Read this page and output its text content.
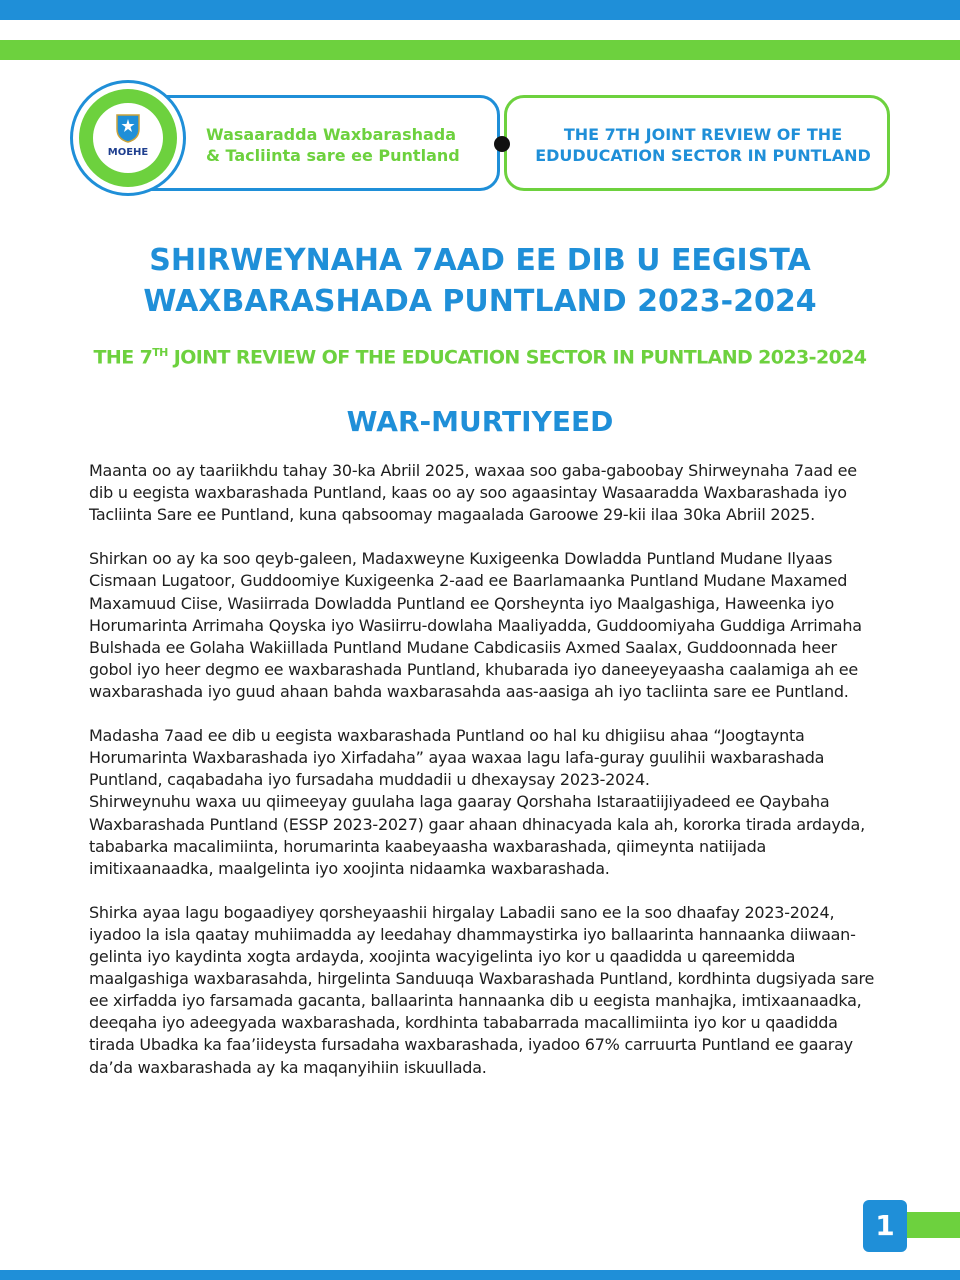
Wasaaradda Waxbarashada
& Tacliinta sare ee Puntland
MOEHE
THE 7TH JOINT REVIEW OF THE
EDUDUCATION SECTOR IN PUNTLAND
SHIRWEYNAHA 7AAD EE DIB U EEGISTA
WAXBARASHADA PUNTLAND 2023-2024
THE 7TH JOINT REVIEW OF THE EDUCATION SECTOR IN PUNTLAND 2023-2024
WAR-MURTIYEED

Maanta oo ay taariikhdu tahay 30-ka Abriil 2025, waxaa soo gaba-gaboobay Shirweynaha 7aad ee dib u eegista waxbarashada Puntland, kaas oo ay soo agaasintay Wasaaradda Waxbarashada iyo Tacliinta Sare ee Puntland, kuna qabsoomay magaalada Garoowe 29-kii ilaa 30ka Abriil 2025.

Shirkan oo ay ka soo qeyb-galeen, Madaxweyne Kuxigeenka Dowladda Puntland Mudane Ilyaas Cismaan Lugatoor, Guddoomiye Kuxigeenka 2-aad ee Baarlamaanka Puntland Mudane Maxamed Maxamuud Ciise, Wasiirrada Dowladda Puntland ee Qorsheynta iyo Maalgashiga, Haweenka iyo Horumarinta Arrimaha Qoyska iyo Wasiirru-dowlaha Maaliyadda, Guddoomiyaha Guddiga Arrimaha Bulshada ee Golaha Wakiillada Puntland Mudane Cabdicasiis Axmed Saalax, Guddoonnada heer gobol iyo heer degmo ee waxbarashada Puntland, khubarada iyo daneeyeyaasha caalamiga ah ee waxbarashada iyo guud ahaan bahda waxbarasahda aas-aasiga ah iyo tacliinta sare ee Puntland.

Madasha 7aad ee dib u eegista waxbarashada Puntland oo hal ku dhigiisu ahaa “Joogtaynta Horumarinta Waxbarashada iyo Xirfadaha” ayaa waxaa lagu lafa-guray guulihii waxbarashada Puntland, caqabadaha iyo fursadaha muddadii u dhexaysay 2023-2024.

Shirweynuhu waxa uu qiimeeyay guulaha laga gaaray Qorshaha Istaraatiijiyadeed ee Qaybaha Waxbarashada Puntland (ESSP 2023-2027) gaar ahaan dhinacyada kala ah, kororka tirada ardayda, tababarka macalimiinta, horumarinta kaabeyaasha waxbarashada, qiimeynta natiijada imitixaanaadka, maalgelinta iyo xoojinta nidaamka waxbarashada.

Shirka ayaa lagu bogaadiyey qorsheyaashii hirgalay Labadii sano ee la soo dhaafay 2023-2024, iyadoo la isla qaatay muhiimadda ay leedahay dhammaystirka iyo ballaarinta hannaanka diiwaan-gelinta iyo kaydinta xogta ardayda, xoojinta wacyigelinta iyo kor u qaadidda u qareemidda maalgashiga waxbarasahda, hirgelinta Sanduuqa Waxbarashada Puntland, kordhinta dugsiyada sare ee xirfadda iyo farsamada gacanta, ballaarinta hannaanka dib u eegista manhajka, imtixaanaadka, deeqaha iyo adeegyada waxbarashada, kordhinta tababarrada macallimiinta iyo kor u qaadidda tirada Ubadka ka faa’iideysta fursadaha waxbarashada, iyadoo 67% carruurta Puntland ee gaaray da’da waxbarashada ay ka maqanyihiin iskuullada.

1
